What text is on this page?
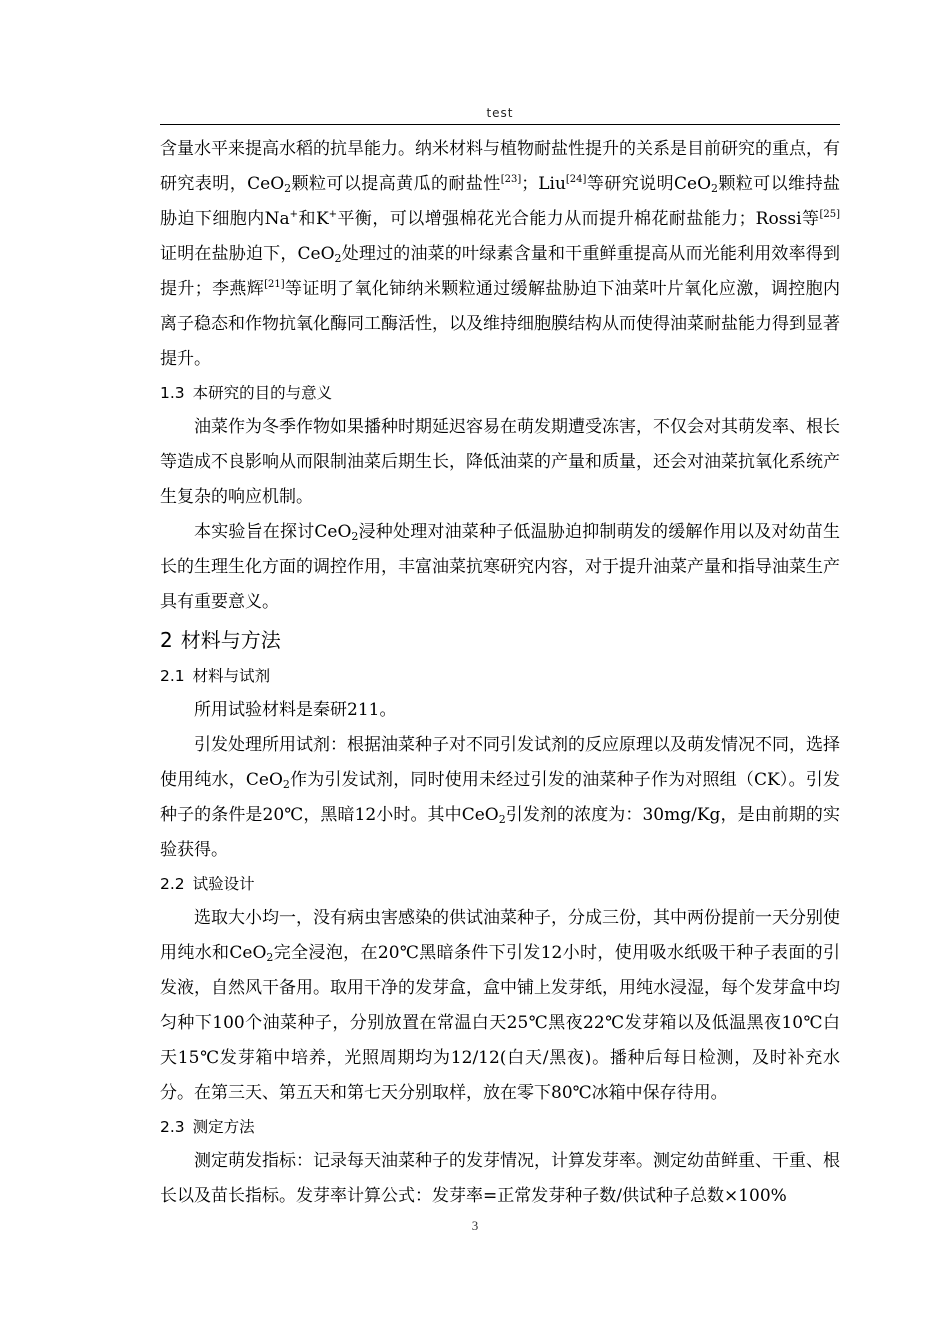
test

含量水平来提高水稻的抗旱能力。纳米材料与植物耐盐性提升的关系是目前研究的重点，有研究表明，CeO$_2$颗粒可以提高黄瓜的耐盐性[23]；Liu[24]等研究说明CeO$_2$颗粒可以维持盐胁迫下细胞内Na+和K+平衡，可以增强棉花光合能力从而提升棉花耐盐能力；Rossi等[25]证明在盐胁迫下，CeO$_2$处理过的油菜的叶绿素含量和干重鲜重提高从而光能利用效率得到提升；李燕辉[21]等证明了氧化铈纳米颗粒通过缓解盐胁迫下油菜叶片氧化应激，调控胞内离子稳态和作物抗氧化酶同工酶活性，以及维持细胞膜结构从而使得油菜耐盐能力得到显著提升。

1.3 本研究的目的与意义

油菜作为冬季作物如果播种时期延迟容易在萌发期遭受冻害，不仅会对其萌发率、根长等造成不良影响从而限制油菜后期生长，降低油菜的产量和质量，还会对油菜抗氧化系统产生复杂的响应机制。

本实验旨在探讨CeO$_2$浸种处理对油菜种子低温胁迫抑制萌发的缓解作用以及对幼苗生长的生理生化方面的调控作用，丰富油菜抗寒研究内容，对于提升油菜产量和指导油菜生产具有重要意义。

2 材料与方法
2.1 材料与试剂

所用试验材料是秦研211。

引发处理所用试剂：根据油菜种子对不同引发试剂的反应原理以及萌发情况不同，选择使用纯水，CeO$_2$作为引发试剂，同时使用未经过引发的油菜种子作为对照组（CK）。引发种子的条件是20℃，黑暗12小时。其中CeO$_2$引发剂的浓度为：30mg/Kg，是由前期的实验获得。

2.2 试验设计

选取大小均一，没有病虫害感染的供试油菜种子，分成三份，其中两份提前一天分别使用纯水和CeO$_2$完全浸泡，在20℃黑暗条件下引发12小时，使用吸水纸吸干种子表面的引发液，自然风干备用。取用干净的发芽盒，盒中铺上发芽纸，用纯水浸湿，每个发芽盒中均匀种下100个油菜种子，分别放置在常温白天25℃黑夜22℃发芽箱以及低温黑夜10℃白天15℃发芽箱中培养，光照周期均为12/12(白天/黑夜)。播种后每日检测，及时补充水分。在第三天、第五天和第七天分别取样，放在零下80℃冰箱中保存待用。

2.3 测定方法

测定萌发指标：记录每天油菜种子的发芽情况，计算发芽率。测定幼苗鲜重、干重、根长以及苗长指标。发芽率计算公式：发芽率=正常发芽种子数/供试种子总数×100%

3
